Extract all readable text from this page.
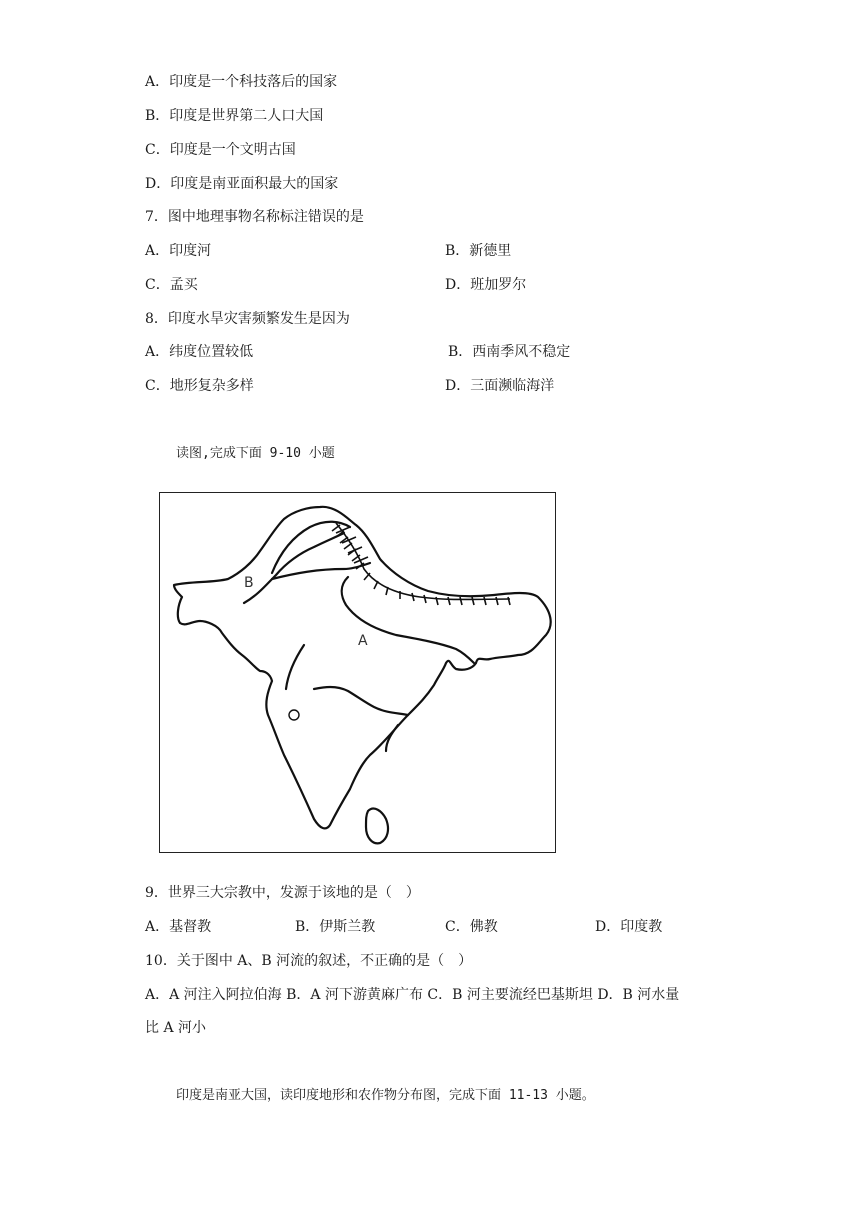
A．印度是一个科技落后的国家
B．印度是世界第二人口大国
C．印度是一个文明古国
D．印度是南亚面积最大的国家
7．图中地理事物名称标注错误的是
A．印度河	B．新德里
C．孟买	D．班加罗尔
8．印度水旱灾害频繁发生是因为
A．纬度位置较低	B．西南季风不稳定
C．地形复杂多样	D．三面濒临海洋
读图,完成下面 9-10 小题
A
B
9．世界三大宗教中，发源于该地的是（　）
A．基督教	B．伊斯兰教	C．佛教	D．印度教
10．关于图中 A、B 河流的叙述，不正确的是（　）
A．A 河注入阿拉伯海 B．A 河下游黄麻广布 C．B 河主要流经巴基斯坦 D．B 河水量
比 A 河小
印度是南亚大国，读印度地形和农作物分布图，完成下面 11-13 小题。
